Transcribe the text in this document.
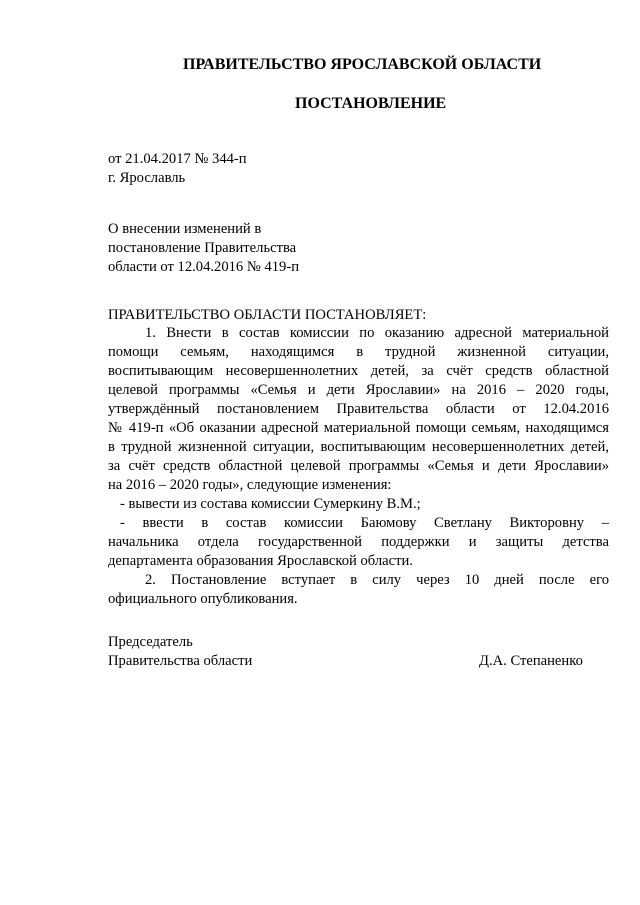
ПРАВИТЕЛЬСТВО ЯРОСЛАВСКОЙ ОБЛАСТИ
ПОСТАНОВЛЕНИЕ
от 21.04.2017 № 344-п
г. Ярославль
О внесении изменений в
постановление Правительства
области от 12.04.2016 № 419-п
ПРАВИТЕЛЬСТВО ОБЛАСТИ ПОСТАНОВЛЯЕТ:
1. Внести в состав комиссии по оказанию адресной материальной
помощи семьям, находящимся в трудной жизненной ситуации,
воспитывающим несовершеннолетних детей, за счёт средств областной
целевой программы «Семья и дети Ярославии» на 2016 – 2020 годы,
утверждённый постановлением Правительства области от 12.04.2016
№ 419-п «Об оказании адресной материальной помощи семьям, находящимся
в трудной жизненной ситуации, воспитывающим несовершеннолетних детей,
за счёт средств областной целевой программы «Семья и дети Ярославии»
на 2016 – 2020 годы», следующие изменения:
- вывести из состава комиссии Сумеркину В.М.;
- ввести в состав комиссии Баюмову Светлану Викторовну –
начальника отдела государственной поддержки и защиты детства
департамента образования Ярославской области.
2. Постановление вступает в силу через 10 дней после его
официального опубликования.
Председатель
Правительства области	Д.А. Степаненко
